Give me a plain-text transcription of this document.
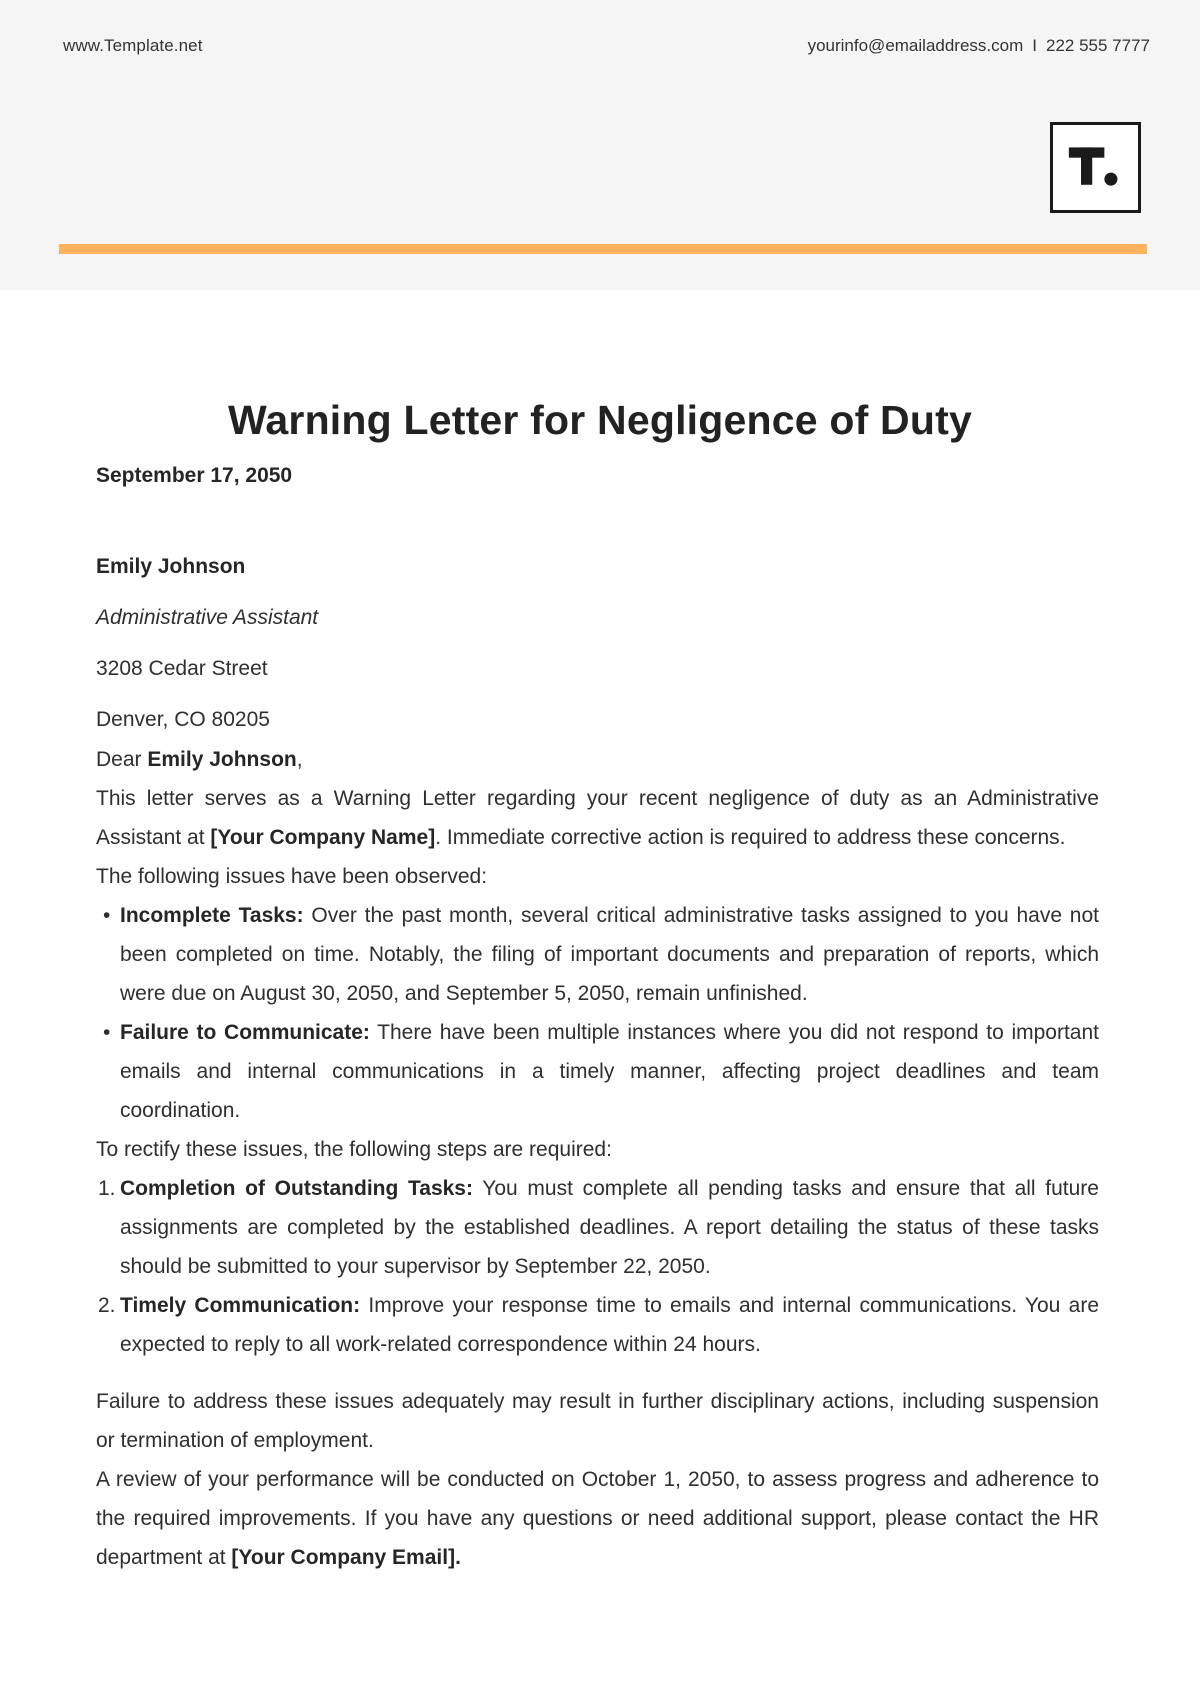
www.Template.net	yourinfo@emailaddress.com I 222 555 7777
Warning Letter for Negligence of Duty
September 17, 2050
Emily Johnson
Administrative Assistant
3208 Cedar Street
Denver, CO 80205

Dear Emily Johnson,

This letter serves as a Warning Letter regarding your recent negligence of duty as an Administrative Assistant at [Your Company Name]. Immediate corrective action is required to address these concerns.

The following issues have been observed:

• Incomplete Tasks: Over the past month, several critical administrative tasks assigned to you have not been completed on time. Notably, the filing of important documents and preparation of reports, which were due on August 30, 2050, and September 5, 2050, remain unfinished.
• Failure to Communicate: There have been multiple instances where you did not respond to important emails and internal communications in a timely manner, affecting project deadlines and team coordination.

To rectify these issues, the following steps are required:

1. Completion of Outstanding Tasks: You must complete all pending tasks and ensure that all future assignments are completed by the established deadlines. A report detailing the status of these tasks should be submitted to your supervisor by September 22, 2050.
2. Timely Communication: Improve your response time to emails and internal communications. You are expected to reply to all work-related correspondence within 24 hours.

Failure to address these issues adequately may result in further disciplinary actions, including suspension or termination of employment.

A review of your performance will be conducted on October 1, 2050, to assess progress and adherence to the required improvements. If you have any questions or need additional support, please contact the HR department at [Your Company Email].
